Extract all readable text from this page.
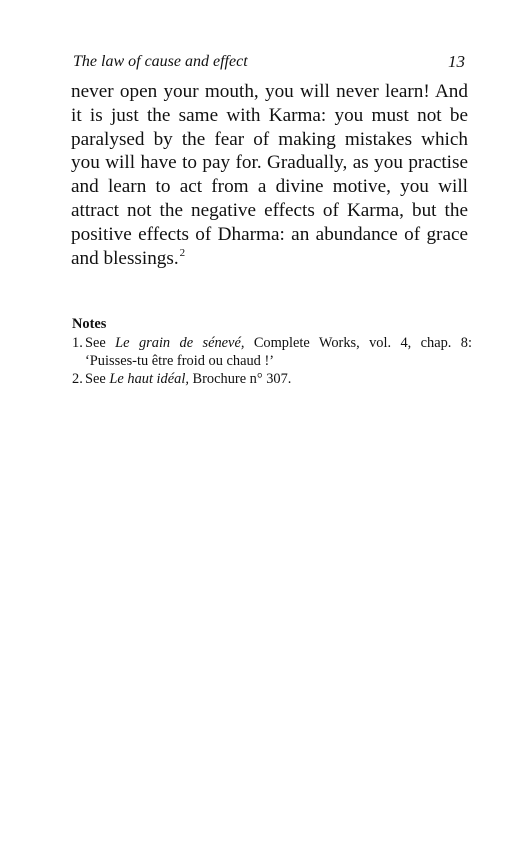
The law of cause and effect	13
never open your mouth, you will never learn! And
it is just the same with Karma: you must not be
paralysed by the fear of making mistakes which
you will have to pay for. Gradually, as you practise
and learn to act from a divine motive, you will
attract not the negative effects of Karma, but the
positive effects of Dharma: an abundance of grace
and blessings.$^2$
Notes
1. See Le grain de sénevé, Complete Works, vol. 4, chap. 8:
‘Puisses-tu être froid ou chaud !’
2. See Le haut idéal, Brochure n° 307.
